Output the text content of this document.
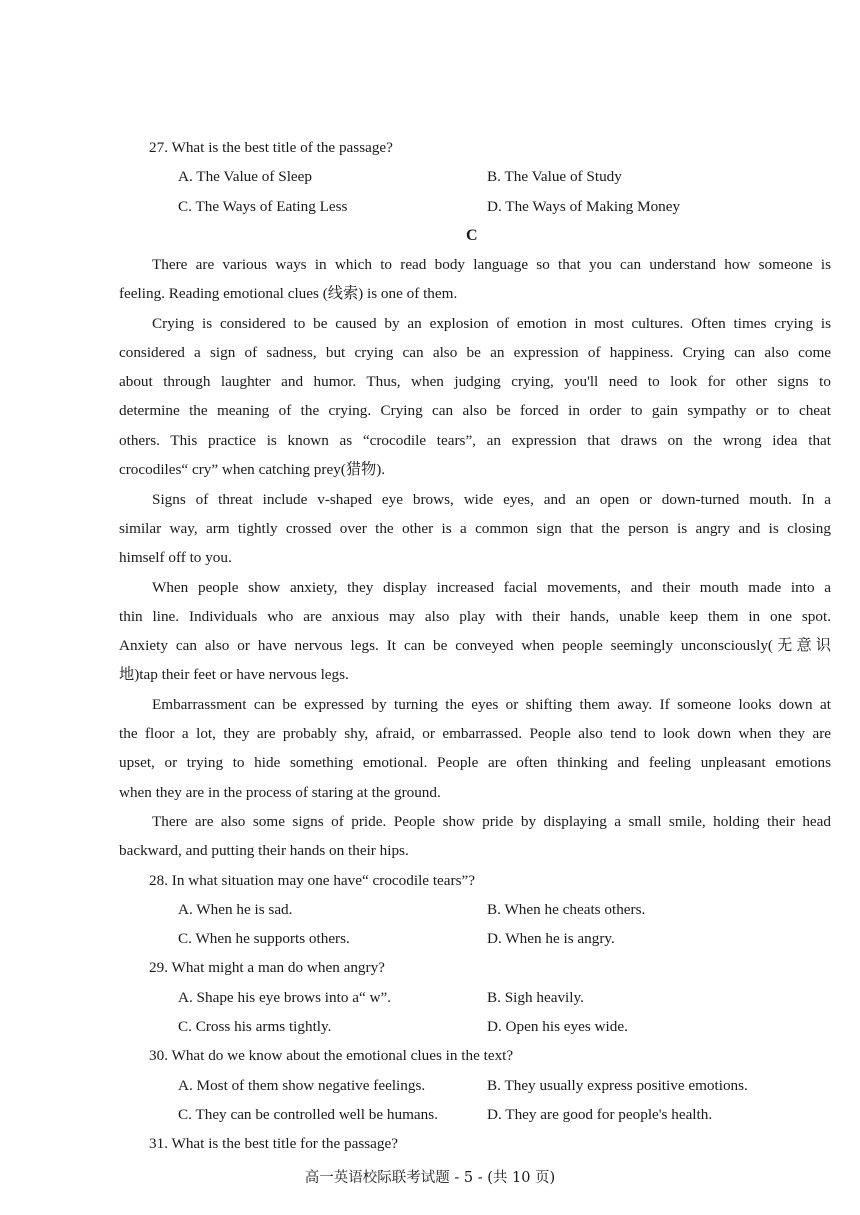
27. What is the best title of the passage?
A. The Value of Sleep	B. The Value of Study
C. The Ways of Eating Less	D. The Ways of Making Money
C
There are various ways in which to read body language so that you can understand how someone is
feeling. Reading emotional clues (线索) is one of them.
Crying is considered to be caused by an explosion of emotion in most cultures. Often times crying is
considered a sign of sadness, but crying can also be an expression of happiness. Crying can also come
about through laughter and humor. Thus, when judging crying, you'll need to look for other signs to
determine the meaning of the crying. Crying can also be forced in order to gain sympathy or to cheat
others. This practice is known as “crocodile tears”, an expression that draws on the wrong idea that
crocodiles“ cry” when catching prey(猎物).
Signs of threat include v-shaped eye brows, wide eyes, and an open or down-turned mouth. In a
similar way, arm tightly crossed over the other is a common sign that the person is angry and is closing
himself off to you.
When people show anxiety, they display increased facial movements, and their mouth made into a
thin line. Individuals who are anxious may also play with their hands, unable keep them in one spot.
Anxiety can also or have nervous legs. It can be conveyed when people seemingly unconsciously(无意识
地)tap their feet or have nervous legs.
Embarrassment can be expressed by turning the eyes or shifting them away. If someone looks down at
the floor a lot, they are probably shy, afraid, or embarrassed. People also tend to look down when they are
upset, or trying to hide something emotional. People are often thinking and feeling unpleasant emotions
when they are in the process of staring at the ground.
There are also some signs of pride. People show pride by displaying a small smile, holding their head
backward, and putting their hands on their hips.
28. In what situation may one have“ crocodile tears”?
A. When he is sad.	B. When he cheats others.
C. When he supports others.	D. When he is angry.
29. What might a man do when angry?
A. Shape his eye brows into a“ w”.	B. Sigh heavily.
C. Cross his arms tightly.	D. Open his eyes wide.
30. What do we know about the emotional clues in the text?
A. Most of them show negative feelings.	B. They usually express positive emotions.
C. They can be controlled well be humans.	D. They are good for people's health.
31. What is the best title for the passage?
高一英语校际联考试题 - 5 - (共 10 页)
